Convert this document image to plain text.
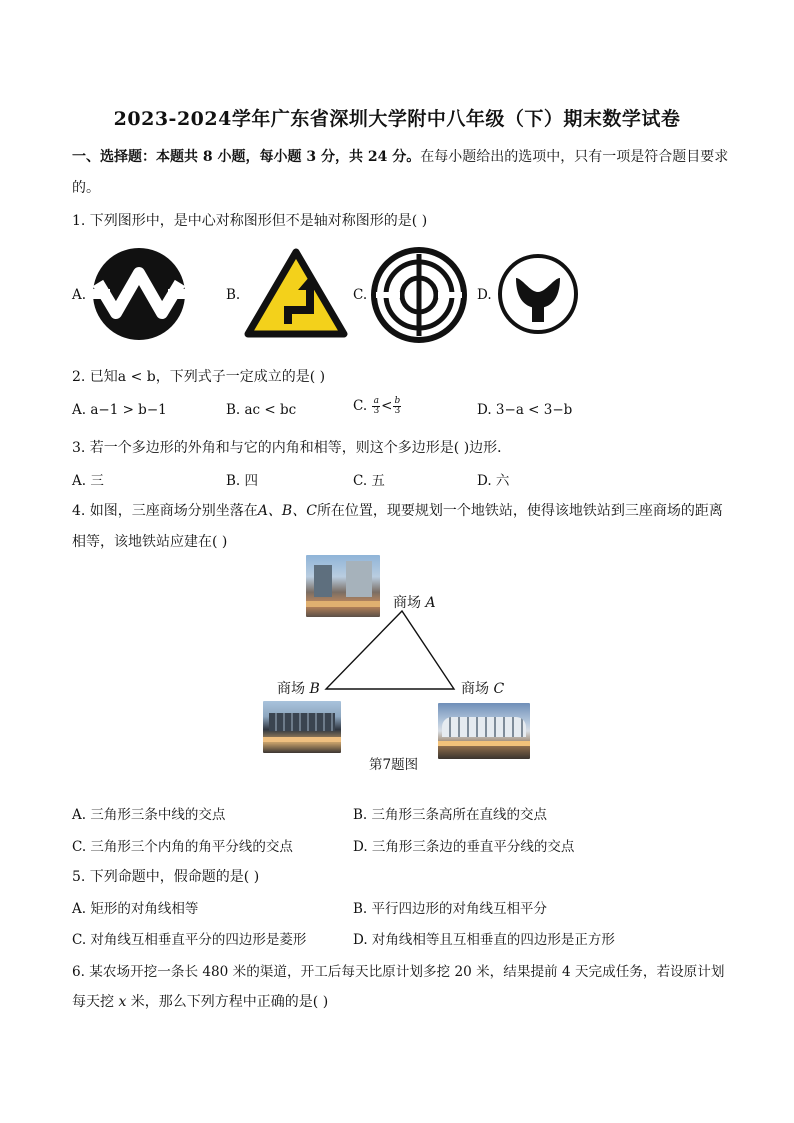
2023-2024学年广东省深圳大学附中八年级（下）期末数学试卷
一、选择题：本题共 8 小题，每小题 3 分，共 24 分。在每小题给出的选项中，只有一项是符合题目要求
的。
1. 下列图形中，是中心对称图形但不是轴对称图形的是( )
A.	B.	C.	D.
2. 已知a < b，下列式子一定成立的是( )
A. a−1 > b−1	B. ac < bc	C. $\frac{a}{3} < \frac{b}{3}$	D. 3−a < 3−b
3. 若一个多边形的外角和与它的内角和相等，则这个多边形是( )边形．
A. 三	B. 四	C. 五	D. 六
4. 如图，三座商场分别坐落在A、B、C所在位置，现要规划一个地铁站，使得该地铁站到三座商场的距离
相等，该地铁站应建在( )
商场 A
商场 B	商场 C
第7题图
A. 三角形三条中线的交点	B. 三角形三条高所在直线的交点
C. 三角形三个内角的角平分线的交点	D. 三角形三条边的垂直平分线的交点
5. 下列命题中，假命题的是( )
A. 矩形的对角线相等	B. 平行四边形的对角线互相平分
C. 对角线互相垂直平分的四边形是菱形	D. 对角线相等且互相垂直的四边形是正方形
6. 某农场开挖一条长 480 米的渠道，开工后每天比原计划多挖 20 米，结果提前 4 天完成任务，若设原计划
每天挖 x 米，那么下列方程中正确的是( )
